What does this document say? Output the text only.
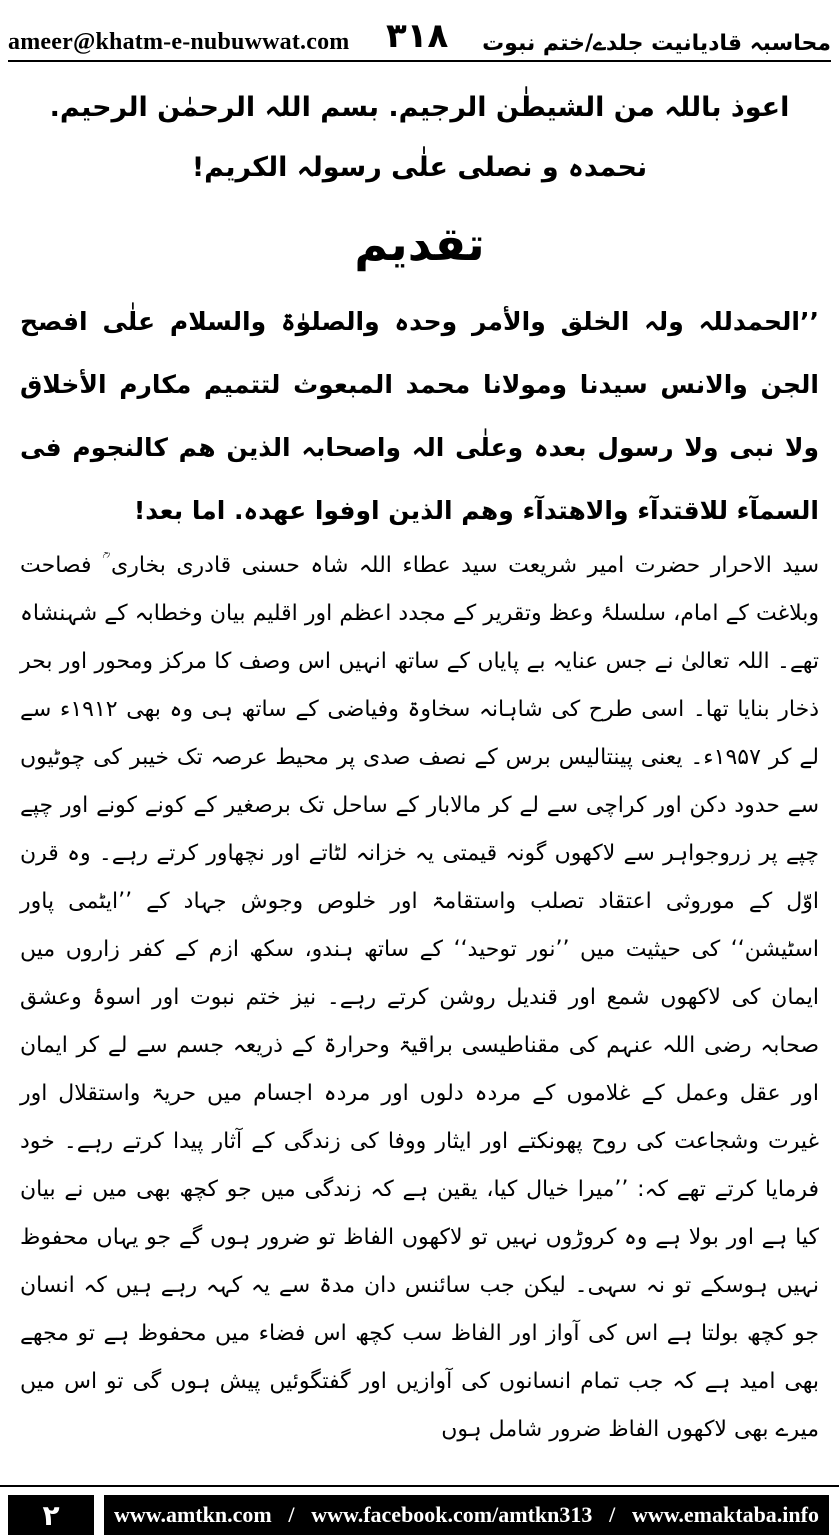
ameer@khatm-e-nubuwwat.com ۳۱۸ محاسبہ قادیانیت جلدے/ختم نبوت

اعوذ باللہ من الشیطٰن الرجیم. بسم اللہ الرحمٰن الرحیم.

نحمدہ و نصلی علٰی رسولہ الکریم!

تقدیم

’’الحمدللہ ولہ الخلق والأمر وحدہ والصلوٰۃ والسلام علٰی افصح الجن والانس سیدنا ومولانا محمد المبعوث لتتمیم مکارم الأخلاق ولا نبی ولا رسول بعدہ وعلٰی الہ واصحابہ الذین ھم کالنجوم فی السمآء للاقتدآء والاھتدآء وھم الذین اوفوا عھدہ. اما بعد!

سید الاحرار حضرت امیر شریعت سید عطاء اللہ شاہ حسنی قادری بخاری ؒ فصاحت وبلاغت کے امام، سلسلۂ وعظ وتقریر کے مجدد اعظم اور اقلیم بیان وخطابہ کے شہنشاہ تھے۔ اللہ تعالیٰ نے جس عنایہ بے پایاں کے ساتھ انہیں اس وصف کا مرکز ومحور اور بحر ذخار بنایا تھا۔ اسی طرح کی شاہانہ سخاوۃ وفیاضی کے ساتھ ہی وہ بھی ۱۹۱۲ء سے لے کر ۱۹۵۷ء۔ یعنی پینتالیس برس کے نصف صدی پر محیط عرصہ تک خیبر کی چوٹیوں سے حدود دکن اور کراچی سے لے کر مالابار کے ساحل تک برصغیر کے کونے کونے اور چپے چپے پر زروجواہر سے لاکھوں گونہ قیمتی یہ خزانہ لٹاتے اور نچھاور کرتے رہے۔ وہ قرن اوّل کے موروثی اعتقاد تصلب واستقامۃ اور خلوص وجوش جہاد کے ’’ایٹمی پاور اسٹیشن‘‘ کی حیثیت میں ’’نور توحید‘‘ کے ساتھ ہندو، سکھ ازم کے کفر زاروں میں ایمان کی لاکھوں شمع اور قندیل روشن کرتے رہے۔ نیز ختم نبوت اور اسوۂ وعشق صحابہ رضی اللہ عنہم کی مقناطیسی براقیۃ وحرارۃ کے ذریعہ جسم سے لے کر ایمان اور عقل وعمل کے غلاموں کے مردہ دلوں اور مردہ اجسام میں حریۃ واستقلال اور غیرت وشجاعت کی روح پھونکتے اور ایثار ووفا کی زندگی کے آثار پیدا کرتے رہے۔ خود فرمایا کرتے تھے کہ: ’’میرا خیال کیا، یقین ہے کہ زندگی میں جو کچھ بھی میں نے بیان کیا ہے اور بولا ہے وہ کروڑوں نہیں تو لاکھوں الفاظ تو ضرور ہوں گے جو یہاں محفوظ نہیں ہوسکے تو نہ سہی۔ لیکن جب سائنس دان مدۃ سے یہ کہہ رہے ہیں کہ انسان جو کچھ بولتا ہے اس کی آواز اور الفاظ سب کچھ اس فضاء میں محفوظ ہے تو مجھے بھی امید ہے کہ جب تمام انسانوں کی آوازیں اور گفتگوئیں پیش ہوں گی تو اس میں میرے بھی لاکھوں الفاظ ضرور شامل ہوں

۲	www.amtkn.com / www.facebook.com/amtkn313 / www.emaktaba.info
